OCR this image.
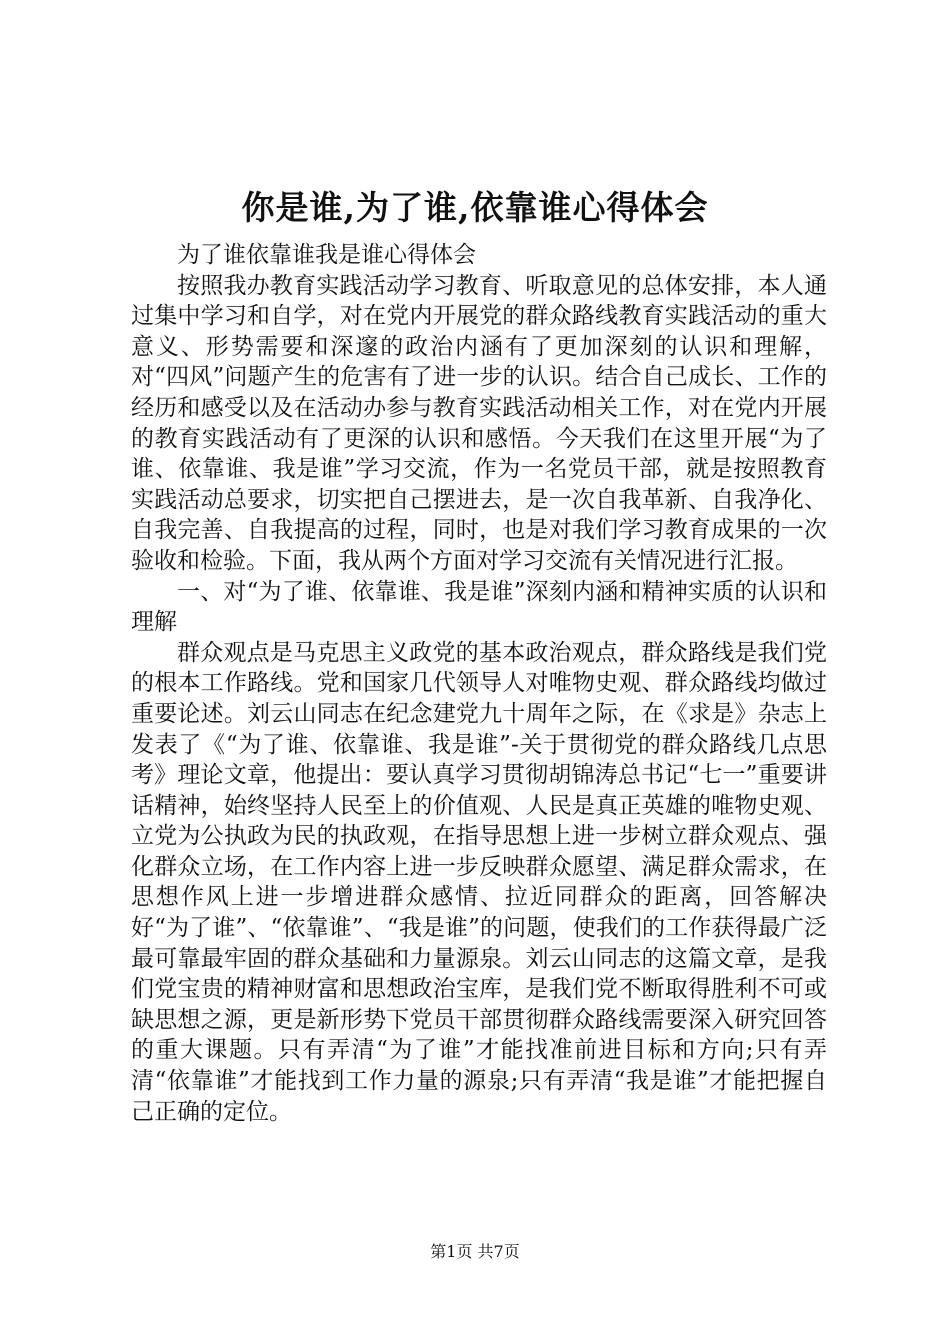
你是谁,为了谁,依靠谁心得体会

为了谁依靠谁我是谁心得体会

按照我办教育实践活动学习教育、听取意见的总体安排，本人通过集中学习和自学，对在党内开展党的群众路线教育实践活动的重大意义、形势需要和深邃的政治内涵有了更加深刻的认识和理解，对“四风”问题产生的危害有了进一步的认识。结合自己成长、工作的经历和感受以及在活动办参与教育实践活动相关工作，对在党内开展的教育实践活动有了更深的认识和感悟。今天我们在这里开展“为了谁、依靠谁、我是谁”学习交流，作为一名党员干部，就是按照教育实践活动总要求，切实把自己摆进去，是一次自我革新、自我净化、自我完善、自我提高的过程，同时，也是对我们学习教育成果的一次验收和检验。下面，我从两个方面对学习交流有关情况进行汇报。

一、对“为了谁、依靠谁、我是谁”深刻内涵和精神实质的认识和理解

群众观点是马克思主义政党的基本政治观点，群众路线是我们党的根本工作路线。党和国家几代领导人对唯物史观、群众路线均做过重要论述。刘云山同志在纪念建党九十周年之际，在《求是》杂志上发表了《“为了谁、依靠谁、我是谁”-关于贯彻党的群众路线几点思考》理论文章，他提出：要认真学习贯彻胡锦涛总书记“七一”重要讲话精神，始终坚持人民至上的价值观、人民是真正英雄的唯物史观、立党为公执政为民的执政观，在指导思想上进一步树立群众观点、强化群众立场，在工作内容上进一步反映群众愿望、满足群众需求，在思想作风上进一步增进群众感情、拉近同群众的距离，回答解决好“为了谁”、“依靠谁”、“我是谁”的问题，使我们的工作获得最广泛最可靠最牢固的群众基础和力量源泉。刘云山同志的这篇文章，是我们党宝贵的精神财富和思想政治宝库，是我们党不断取得胜利不可或缺思想之源，更是新形势下党员干部贯彻群众路线需要深入研究回答的重大课题。只有弄清“为了谁”才能找准前进目标和方向;只有弄清“依靠谁”才能找到工作力量的源泉;只有弄清“我是谁”才能把握自己正确的定位。

第1页 共7页
